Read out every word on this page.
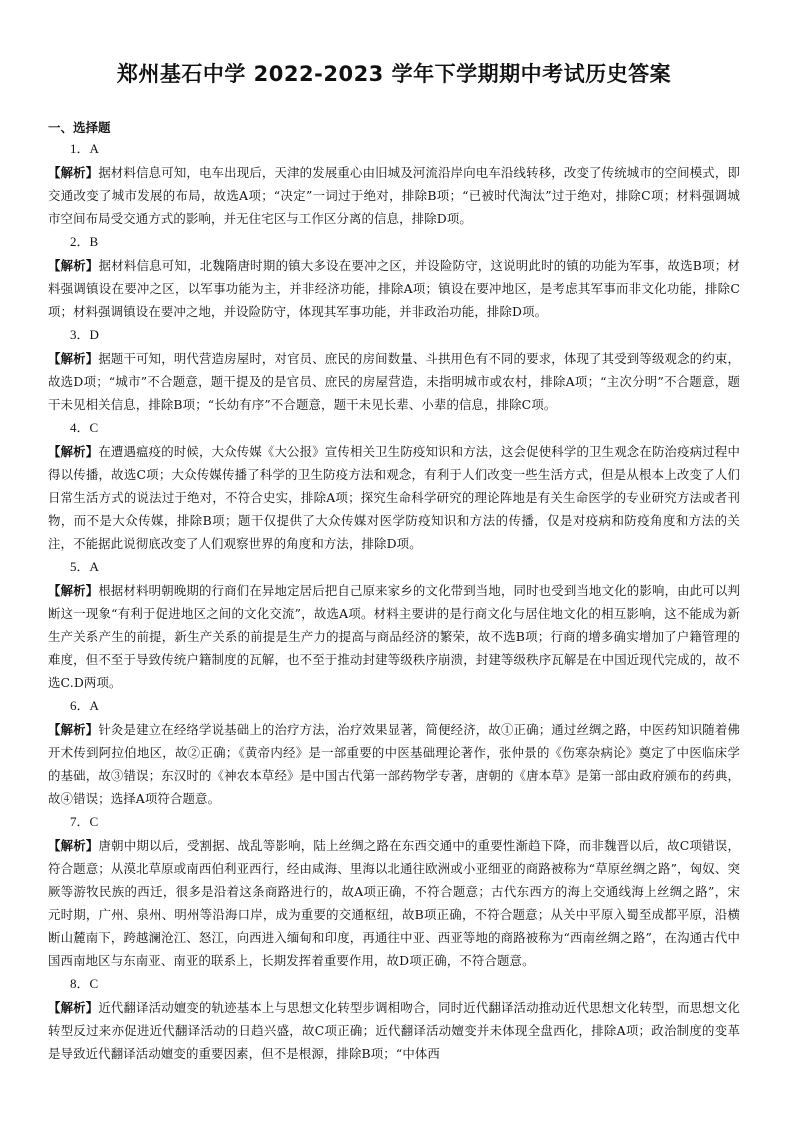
郑州基石中学 2022-2023 学年下学期期中考试历史答案
一、选择题
1．A
【解析】据材料信息可知，电车出现后，天津的发展重心由旧城及河流沿岸向电车沿线转移，改变了传统城市的空间模式，即交通改变了城市发展的布局，故选A项；“决定”一词过于绝对，排除B项；“已被时代淘汰”过于绝对，排除C项；材料强调城市空间布局受交通方式的影响，并无住宅区与工作区分离的信息，排除D项。
2．B
【解析】据材料信息可知，北魏隋唐时期的镇大多设在要冲之区，并设险防守，这说明此时的镇的功能为军事，故选B项；材料强调镇设在要冲之区，以军事功能为主，并非经济功能，排除A项；镇设在要冲地区，是考虑其军事而非文化功能，排除C项；材料强调镇设在要冲之地，并设险防守，体现其军事功能，并非政治功能，排除D项。
3．D
【解析】据题干可知，明代营造房屋时，对官员、庶民的房间数量、斗拱用色有不同的要求，体现了其受到等级观念的约束，故选D项；“城市”不合题意，题干提及的是官员、庶民的房屋营造，未指明城市或农村，排除A项；“主次分明”不合题意，题干未见相关信息，排除B项；“长幼有序”不合题意，题干未见长辈、小辈的信息，排除C项。
4．C
【解析】在遭遇瘟疫的时候，大众传媒《大公报》宣传相关卫生防疫知识和方法，这会促使科学的卫生观念在防治疫病过程中得以传播，故选C项；大众传媒传播了科学的卫生防疫方法和观念，有利于人们改变一些生活方式，但是从根本上改变了人们日常生活方式的说法过于绝对，不符合史实，排除A项；探究生命科学研究的理论阵地是有关生命医学的专业研究方法或者刊物，而不是大众传媒，排除B项；题干仅提供了大众传媒对医学防疫知识和方法的传播，仅是对疫病和防疫角度和方法的关注，不能据此说彻底改变了人们观察世界的角度和方法，排除D项。
5．A
【解析】根据材料明朝晚期的行商们在异地定居后把自己原来家乡的文化带到当地，同时也受到当地文化的影响，由此可以判断这一现象“有利于促进地区之间的文化交流”，故选A项。材料主要讲的是行商文化与居住地文化的相互影响，这不能成为新生产关系产生的前提，新生产关系的前提是生产力的提高与商品经济的繁荣，故不选B项；行商的增多确实增加了户籍管理的难度，但不至于导致传统户籍制度的瓦解，也不至于推动封建等级秩序崩溃，封建等级秩序瓦解是在中国近现代完成的，故不选C.D两项。
6．A
【解析】针灸是建立在经络学说基础上的治疗方法，治疗效果显著，简便经济，故①正确；通过丝绸之路，中医药知识随着佛开术传到阿拉伯地区，故②正确；《黄帝内经》是一部重要的中医基础理论著作，张仲景的《伤寒杂病论》奠定了中医临床学的基础，故③错误；东汉时的《神农本草经》是中国古代第一部药物学专著，唐朝的《唐本草》是第一部由政府颁布的药典，故④错误；选择A项符合题意。
7．C
【解析】唐朝中期以后，受割据、战乱等影响，陆上丝绸之路在东西交通中的重要性渐趋下降，而非魏晋以后，故C项错误，符合题意；从漠北草原或南西伯利亚西行，经由咸海、里海以北通往欧洲或小亚细亚的商路被称为“草原丝绸之路”，匈奴、突厥等游牧民族的西迁，很多是沿着这条商路进行的，故A项正确，不符合题意；古代东西方的海上交通线海上丝绸之路”，宋元时期，广州、泉州、明州等沿海口岸，成为重要的交通枢纽，故B项正确，不符合题意；从关中平原入蜀至成都平原，沿横断山麓南下，跨越澜沧江、怒江，向西进入缅甸和印度，再通往中亚、西亚等地的商路被称为“西南丝绸之路”，在沟通古代中国西南地区与东南亚、南亚的联系上，长期发挥着重要作用，故D项正确，不符合题意。
8．C
【解析】近代翻译活动嬗变的轨迹基本上与思想文化转型步调相吻合，同时近代翻译活动推动近代思想文化转型，而思想文化转型反过来亦促进近代翻译活动的日趋兴盛，故C项正确；近代翻译活动嬗变并未体现全盘西化，排除A项；政治制度的变革是导致近代翻译活动嬗变的重要因素，但不是根源，排除B项；“中体西
